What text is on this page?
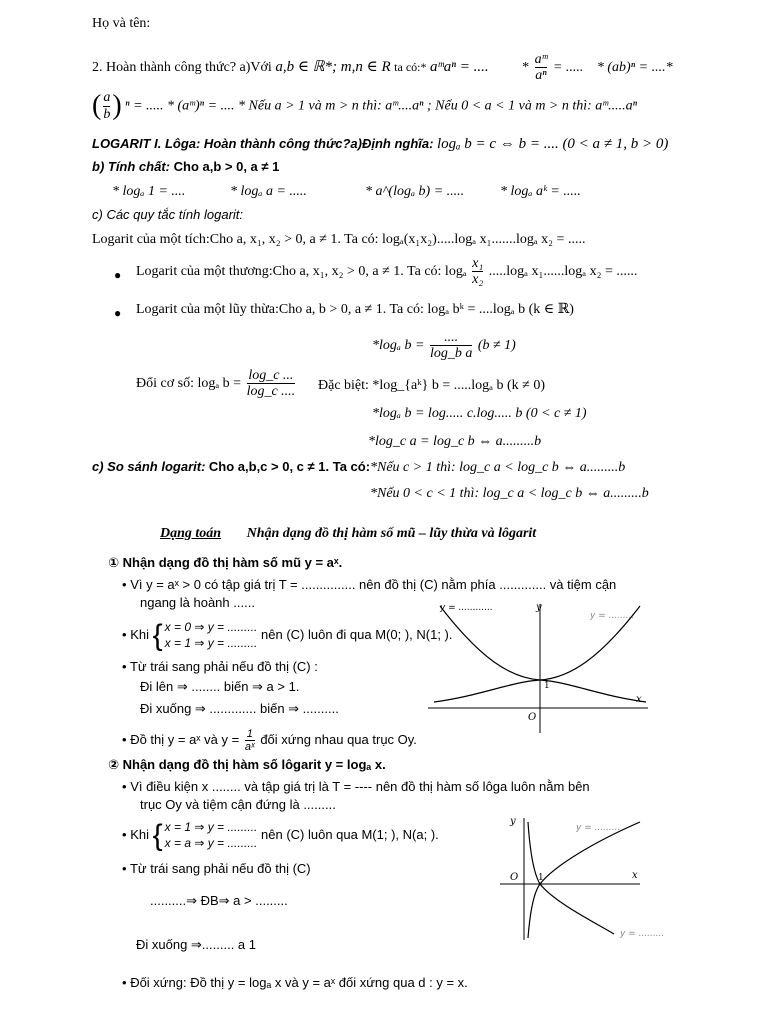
Họ và tên:
2. Hoàn thành công thức? a)Với a,b ∈ ℝ*; m,n ∈ R ta có:* aᵐaⁿ = .... * $\frac{\text{aᵐ}}{\text{aⁿ}}$ = ..... * (ab)ⁿ = ....*
( $\frac{a}{b}$ ) ⁿ = ..... * (aᵐ)ⁿ = .... * Nếu a > 1 và m > n thì: aᵐ....aⁿ ; Nếu 0 < a < 1 và m > n thì: aᵐ.....aⁿ
LOGARIT I. Lôga: Hoàn thành công thức?a)Định nghĩa: logₐ b = c ⇔ b = .... (0 < a ≠ 1, b > 0)
b) Tính chất: Cho a,b > 0, a ≠ 1
* logₐ 1 = ....	* logₐ a = .....	* a^(logₐ b) = .....	* logₐ aᵏ = .....
c) Các quy tắc tính logarit:
Logarit của một tích:Cho a, x₁, x₂ > 0, a ≠ 1. Ta có: logₐ(x₁x₂).....logₐ x₁.......logₐ x₂ = .....
● Logarit của một thương:Cho a, x₁, x₂ > 0, a ≠ 1. Ta có: logₐ $\frac{\text{x₁}}{\text{x₂}} .....\log_a$ x₁......logₐ x₂ = ......
● Logarit của một lũy thừa:Cho a, b > 0, a ≠ 1. Ta có: logₐ bᵏ = ....logₐ b (k ∈ ℝ)
*logₐ b =
....
log_b a
(b ≠ 1)
Đổi cơ số: logₐ $b = \frac{\log\_c ...}{\log\_c ....}$ Đặc biệt: *log_{aᵏ} b = .....logₐ b (k ≠ 0)
*logₐ b = log..... c.log..... b (0 < c ≠ 1)
*log_c a = log_c b ⇔ a.........b
c) So sánh logarit: Cho a,b,c > 0, c ≠ 1. Ta có: *Nếu c > 1 thì: log_c a < log_c b ⇔ a.........b
*Nếu 0 < c < 1 thì: log_c a < log_c b ⇔ a.........b
Dạng toán Nhận dạng đồ thị hàm số mũ – lũy thừa và lôgarit
① Nhận dạng đồ thị hàm số mũ y = aˣ.
• Vì y = aˣ > 0 có tập giá trị T = ............... nên đồ thị (C) nằm phía ............. và tiệm cận
ngang là hoành ......
• Khi { x = 0 ⇒ y = .........
x = 1 ⇒ y = ......... nên (C) luôn đi qua M(0; ), N(1; ).
• Từ trái sang phải nếu đồ thị (C) :
Đi lên ⇒ ........ biến ⇒ a > 1.
Đi xuống ⇒ ............. biến ⇒ ..........
• Đồ thị y = aˣ và $y = \frac{1}{\text{aˣ}}$ đối xứng nhau qua trục Oy.
y = ............
y = .........
y
x
O
1
② Nhận dạng đồ thị hàm số lôgarit y = logₐ x.
• Vì điều kiện x ........ và tập giá trị là T = ---- nên đồ thị hàm số lôga luôn nằm bên
trục Oy và tiệm cận đứng là .........
• Khi { x = 1 ⇒ y = .........
x = a ⇒ y = ......... nên (C) luôn qua M(1; ), N(a; ).
• Từ trái sang phải nếu đồ thị (C)
..........⇒ ĐB⇒ a > .........
Đi xuống ⇒......... a 1
• Đối xứng: Đồ thị y = logₐ x và y = aˣ đối xứng qua d : y = x.
y = .........
y = .........
y
x
O 1
